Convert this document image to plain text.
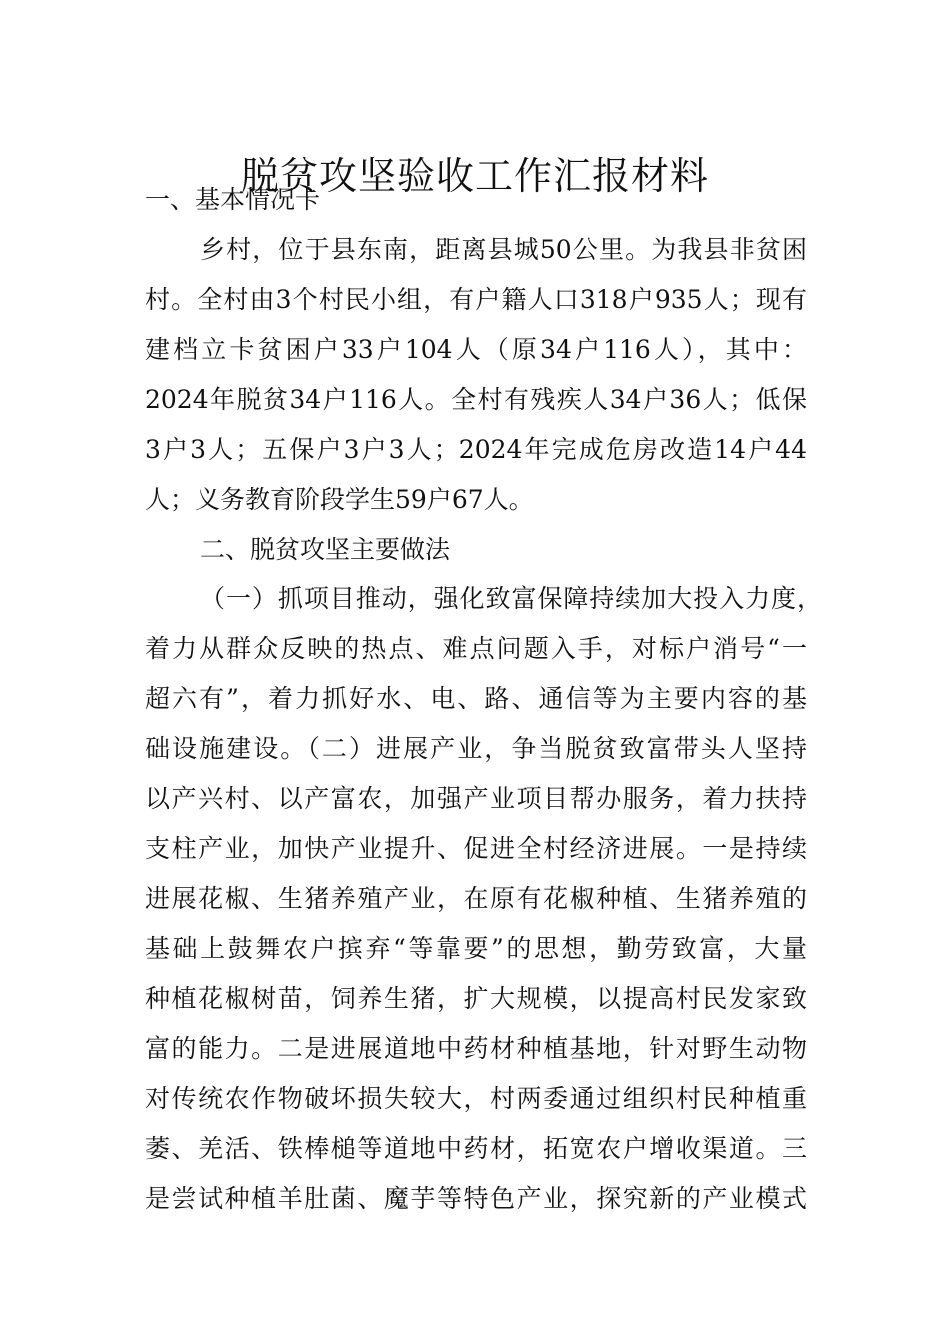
脱贫攻坚验收工作汇报材料
一、基本情况卡
乡村，位于县东南，距离县城50公里。为我县非贫困
村。全村由3个村民小组，有户籍人口318户935人；现有
建档立卡贫困户33户104人（原34户116人），其中：
2024年脱贫34户116人。全村有残疾人34户36人；低保
3户3人；五保户3户3人；2024年完成危房改造14户44
人；义务教育阶段学生59户67人。
二、脱贫攻坚主要做法
（一）抓项目推动，强化致富保障持续加大投入力度，
着力从群众反映的热点、难点问题入手，对标户消号“一
超六有”，着力抓好水、电、路、通信等为主要内容的基
础设施建设。（二）进展产业，争当脱贫致富带头人坚持
以产兴村、以产富农，加强产业项目帮办服务，着力扶持
支柱产业，加快产业提升、促进全村经济进展。一是持续
进展花椒、生猪养殖产业，在原有花椒种植、生猪养殖的
基础上鼓舞农户摈弃“等靠要”的思想，勤劳致富，大量
种植花椒树苗，饲养生猪，扩大规模，以提高村民发家致
富的能力。二是进展道地中药材种植基地，针对野生动物
对传统农作物破坏损失较大，村两委通过组织村民种植重
萎、羌活、铁棒槌等道地中药材，拓宽农户增收渠道。三
是尝试种植羊肚菌、魔芋等特色产业，探究新的产业模式
